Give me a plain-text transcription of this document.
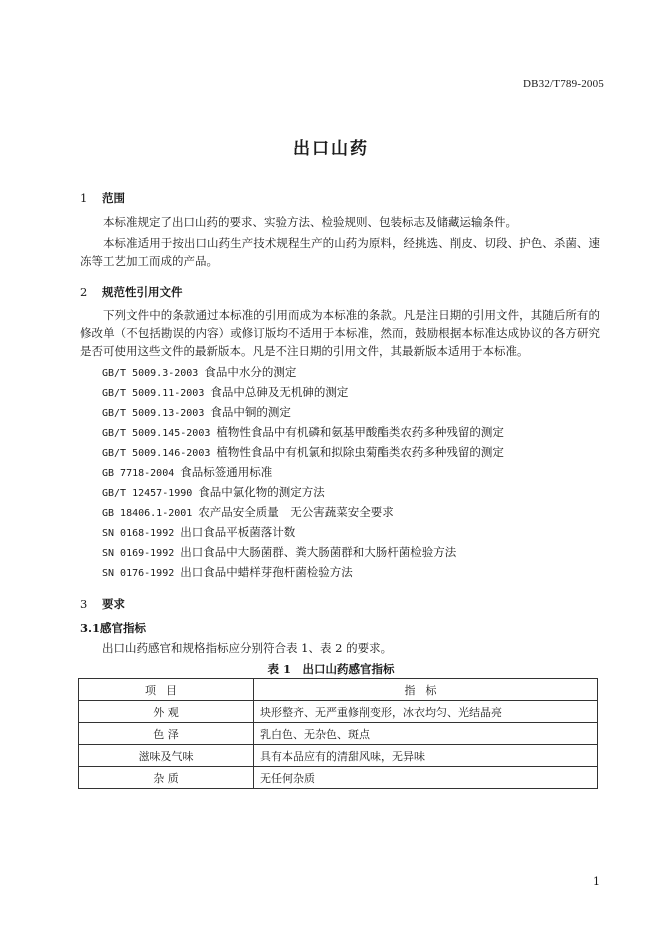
DB32/T789-2005
出口山药
1 范围

本标准规定了出口山药的要求、实验方法、检验规则、包装标志及储藏运输条件。

本标准适用于按出口山药生产技术规程生产的山药为原料，经挑选、削皮、切段、护色、杀菌、速冻等工艺加工而成的产品。

2 规范性引用文件

下列文件中的条款通过本标准的引用而成为本标准的条款。凡是注日期的引用文件，其随后所有的修改单（不包括勘误的内容）或修订版均不适用于本标准，然而，鼓励根据本标准达成协议的各方研究是否可使用这些文件的最新版本。凡是不注日期的引用文件，其最新版本适用于本标准。

GB/T 5009.3-2003 食品中水分的测定
GB/T 5009.11-2003 食品中总砷及无机砷的测定
GB/T 5009.13-2003 食品中铜的测定
GB/T 5009.145-2003 植物性食品中有机磷和氨基甲酸酯类农药多种残留的测定
GB/T 5009.146-2003 植物性食品中有机氯和拟除虫菊酯类农药多种残留的测定
GB 7718-2004 食品标签通用标准
GB/T 12457-1990 食品中氯化物的测定方法
GB 18406.1-2001 农产品安全质量　无公害蔬菜安全要求
SN 0168-1992 出口食品平板菌落计数
SN 0169-1992 出口食品中大肠菌群、粪大肠菌群和大肠杆菌检验方法
SN 0176-1992 出口食品中蜡样芽孢杆菌检验方法
3 要求
3.1感官指标
出口山药感官和规格指标应分别符合表 1、表 2 的要求。
表 1　出口山药感官指标
项目	指标
外 观	块形整齐、无严重修削变形，冰衣均匀、光结晶亮
色 泽	乳白色、无杂色、斑点
滋味及气味	具有本品应有的清甜风味，无异味
杂 质	无任何杂质
1
